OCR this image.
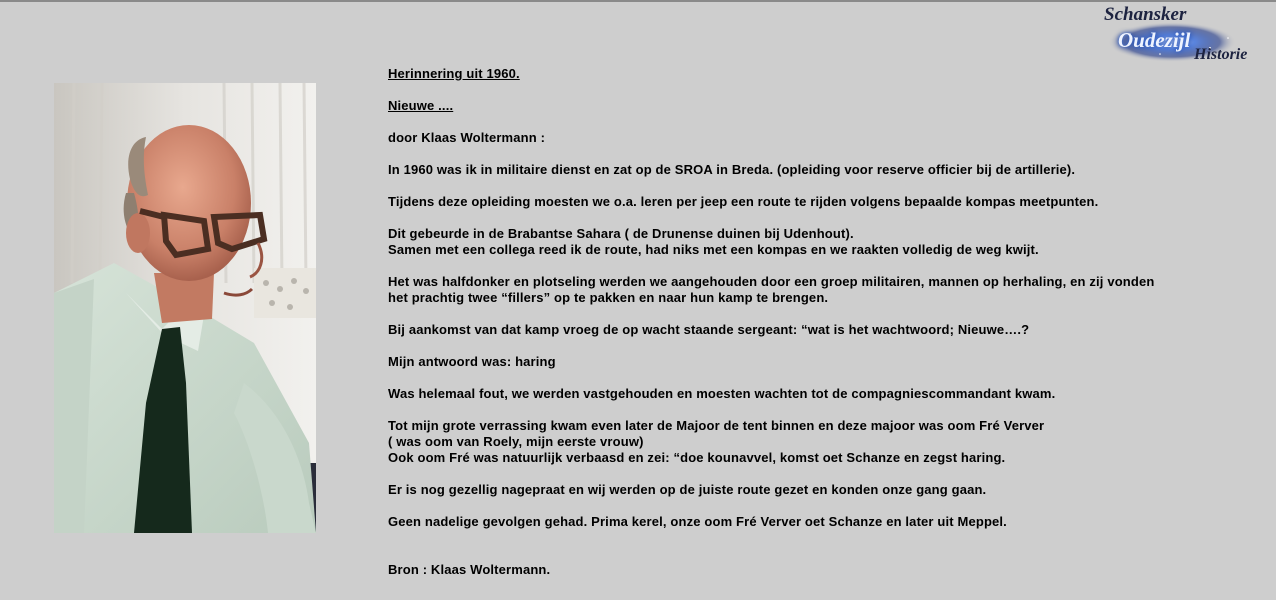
Schansker
Oudezijl
Historie

Herinnering uit 1960.

Nieuwe ....

door Klaas Woltermann :

In 1960 was ik in militaire dienst en zat op de SROA in Breda. (opleiding voor reserve officier bij de artillerie).

Tijdens deze opleiding moesten we o.a. leren per jeep een route te rijden volgens bepaalde kompas meetpunten.

Dit gebeurde in de Brabantse Sahara ( de Drunense duinen bij Udenhout).
Samen met een collega reed ik de route, had niks met een kompas en we raakten volledig de weg kwijt.

Het was halfdonker en plotseling werden we aangehouden door een groep militairen, mannen op herhaling, en zij vonden
het prachtig twee “fillers” op te pakken en naar hun kamp te brengen.

Bij aankomst van dat kamp vroeg de op wacht staande sergeant: “wat is het wachtwoord; Nieuwe….?

Mijn antwoord was: haring

Was helemaal fout, we werden vastgehouden en moesten wachten tot de compagniescommandant kwam.

Tot mijn grote verrassing kwam even later de Majoor de tent binnen en deze majoor was oom Fré Verver
( was oom van Roely, mijn eerste vrouw)
Ook oom Fré was natuurlijk verbaasd en zei: “doe kounavvel, komst oet Schanze en zegst haring.

Er is nog gezellig nagepraat en wij werden op de juiste route gezet en konden onze gang gaan.

Geen nadelige gevolgen gehad. Prima kerel, onze oom Fré Verver oet Schanze en later uit Meppel.

Bron : Klaas Woltermann.
